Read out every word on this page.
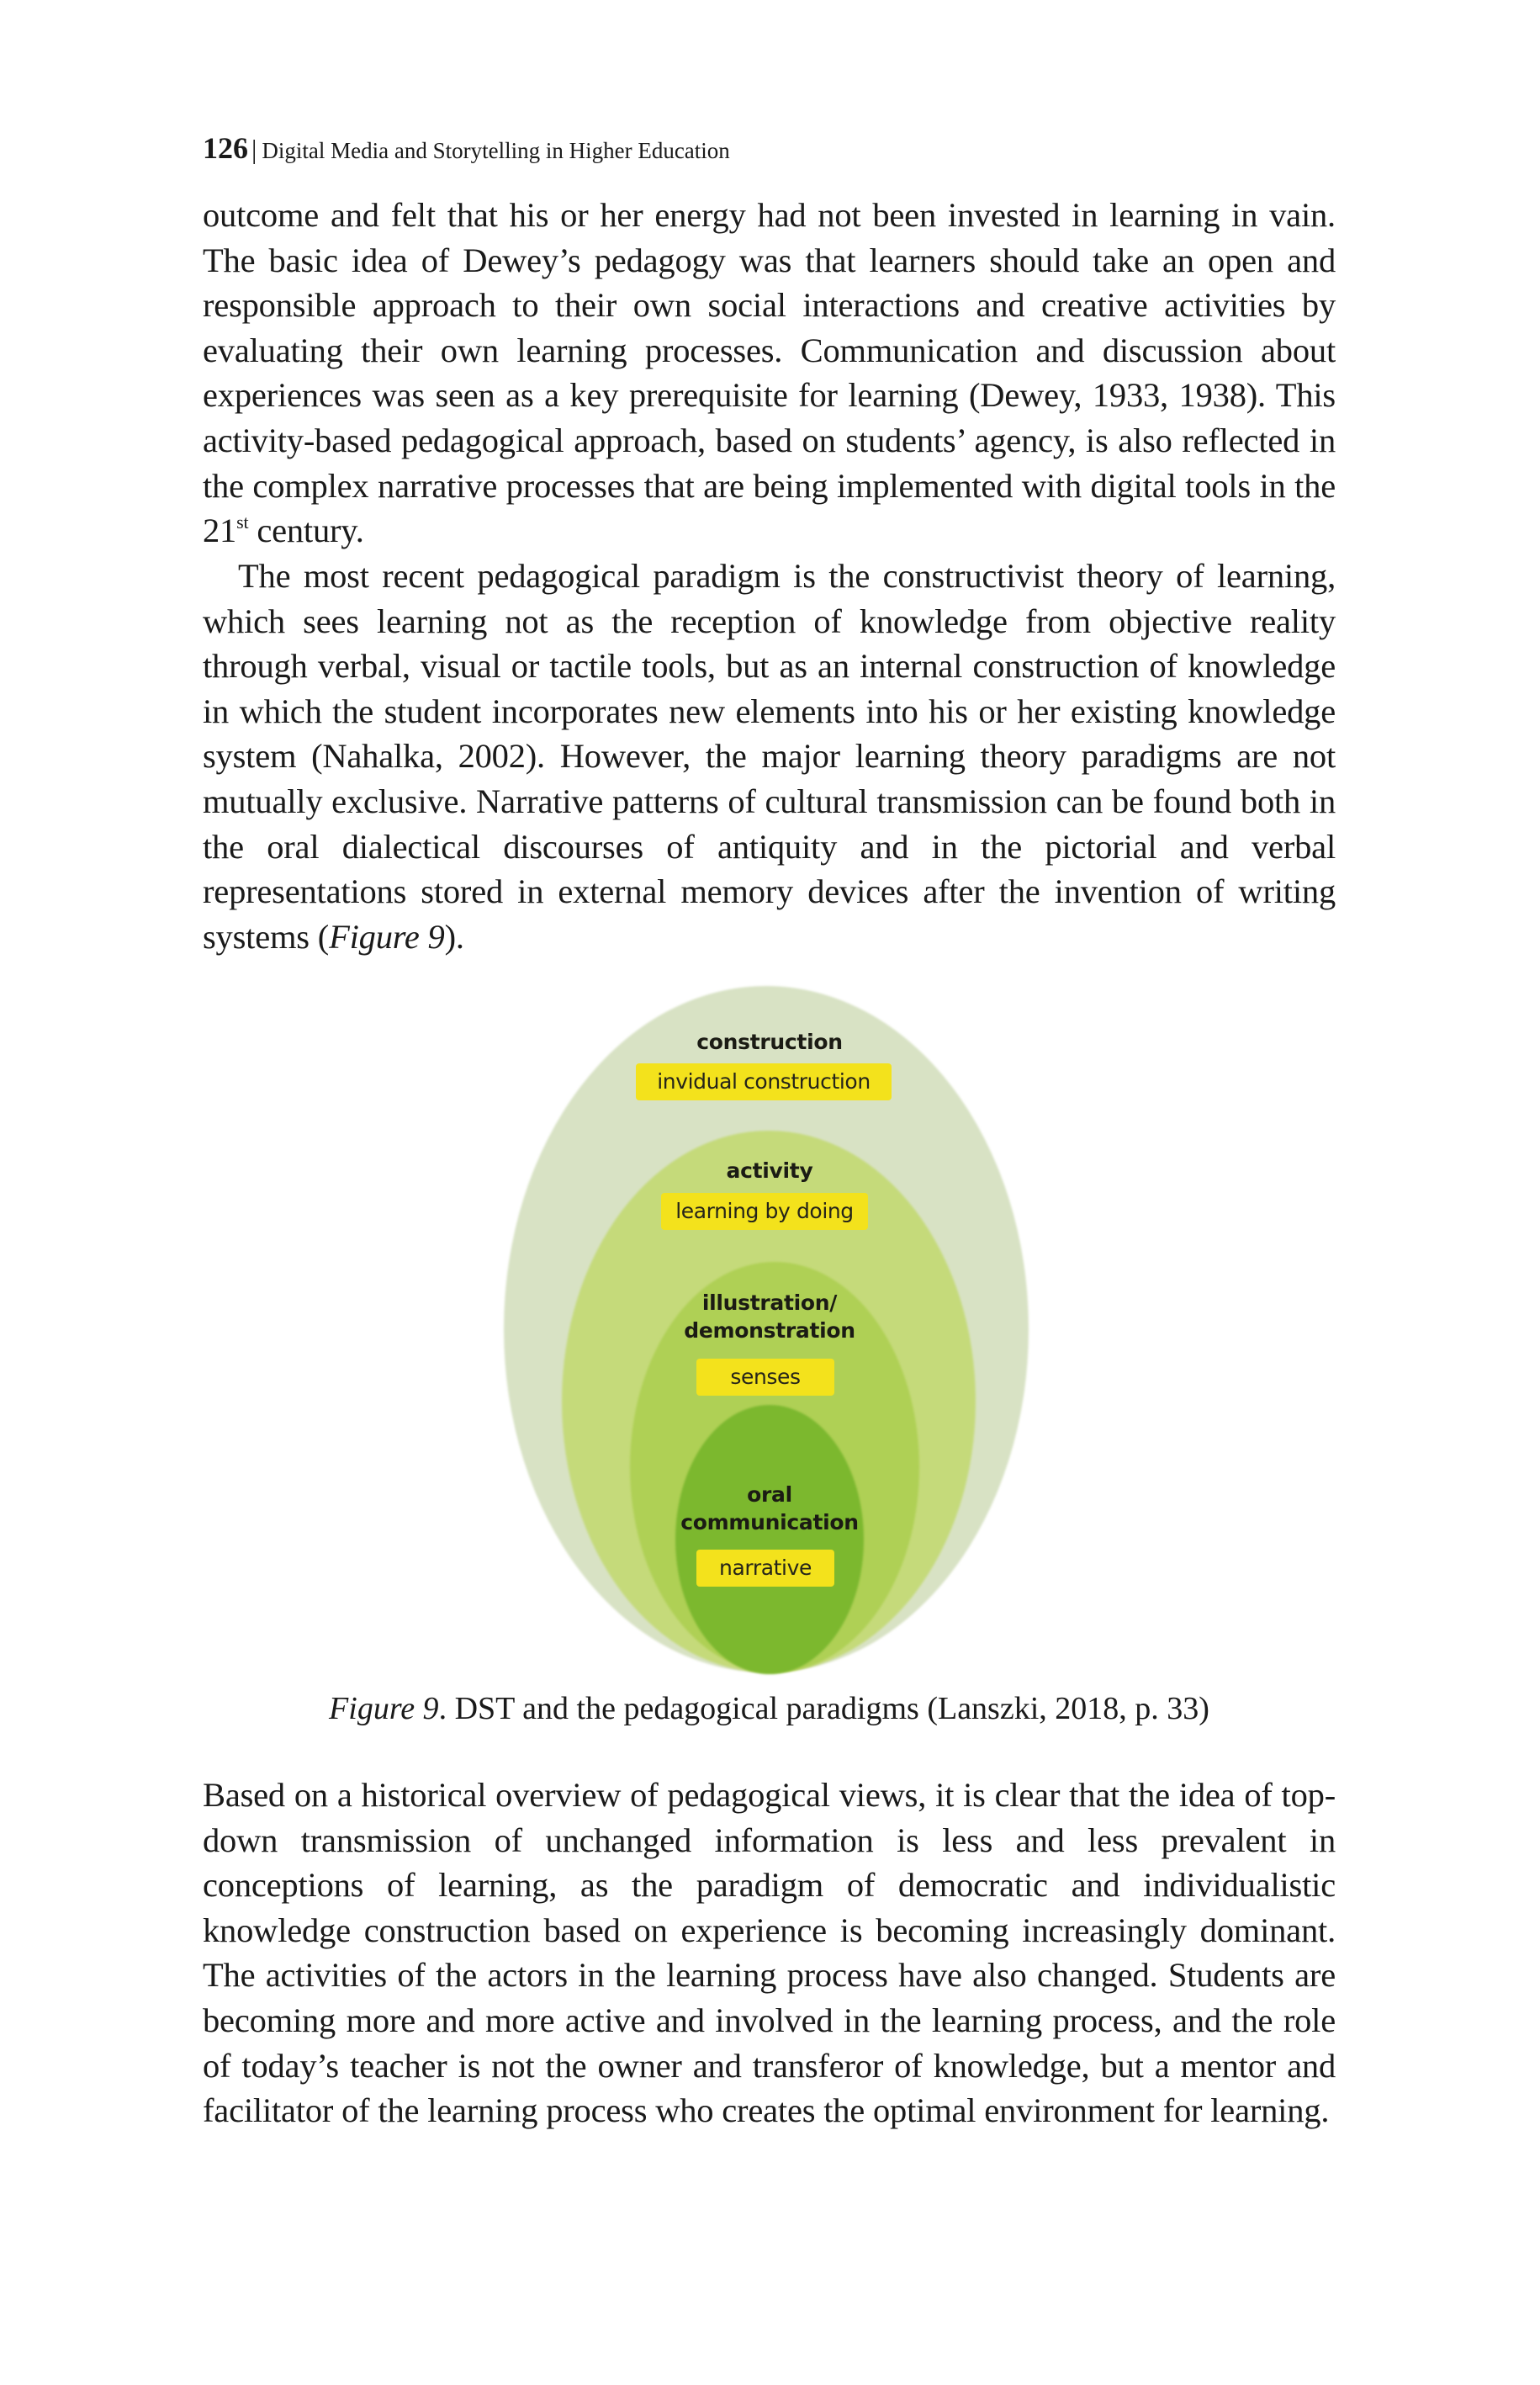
126 | Digital Media and Storytelling in Higher Education
outcome and felt that his or her energy had not been invested in learning in vain. The basic idea of Dewey’s pedagogy was that learners should take an open and responsible approach to their own social interactions and creative activities by evaluating their own learning processes. Communication and discussion about experiences was seen as a key prerequisite for learning (Dewey, 1933, 1938). This activity-based pedagogical approach, based on students’ agency, is also reflected in the complex narrative processes that are being implemented with digital tools in the 21st century.
The most recent pedagogical paradigm is the constructivist theory of learning, which sees learning not as the reception of knowledge from objective reality through verbal, visual or tactile tools, but as an internal construction of knowledge in which the student incorporates new elements into his or her existing knowledge system (Nahalka, 2002). However, the major learning theory paradigms are not mutually exclusive. Narrative patterns of cultural transmission can be found both in the oral dialectical discourses of antiquity and in the pictorial and verbal representations stored in external memory devices after the invention of writing systems (Figure 9).
construction
invidual construction
activity
learning by doing
illustration/
demonstration
senses
oral
communication
narrative
Figure 9. DST and the pedagogical paradigms (Lanszki, 2018, p. 33)
Based on a historical overview of pedagogical views, it is clear that the idea of top-down transmission of unchanged information is less and less prevalent in conceptions of learning, as the paradigm of democratic and individualistic knowledge construction based on experience is becoming increasingly dominant. The activities of the actors in the learning process have also changed. Students are becoming more and more active and involved in the learning process, and the role of today’s teacher is not the owner and transferor of knowledge, but a mentor and facilitator of the learning process who creates the optimal environment for learning.
